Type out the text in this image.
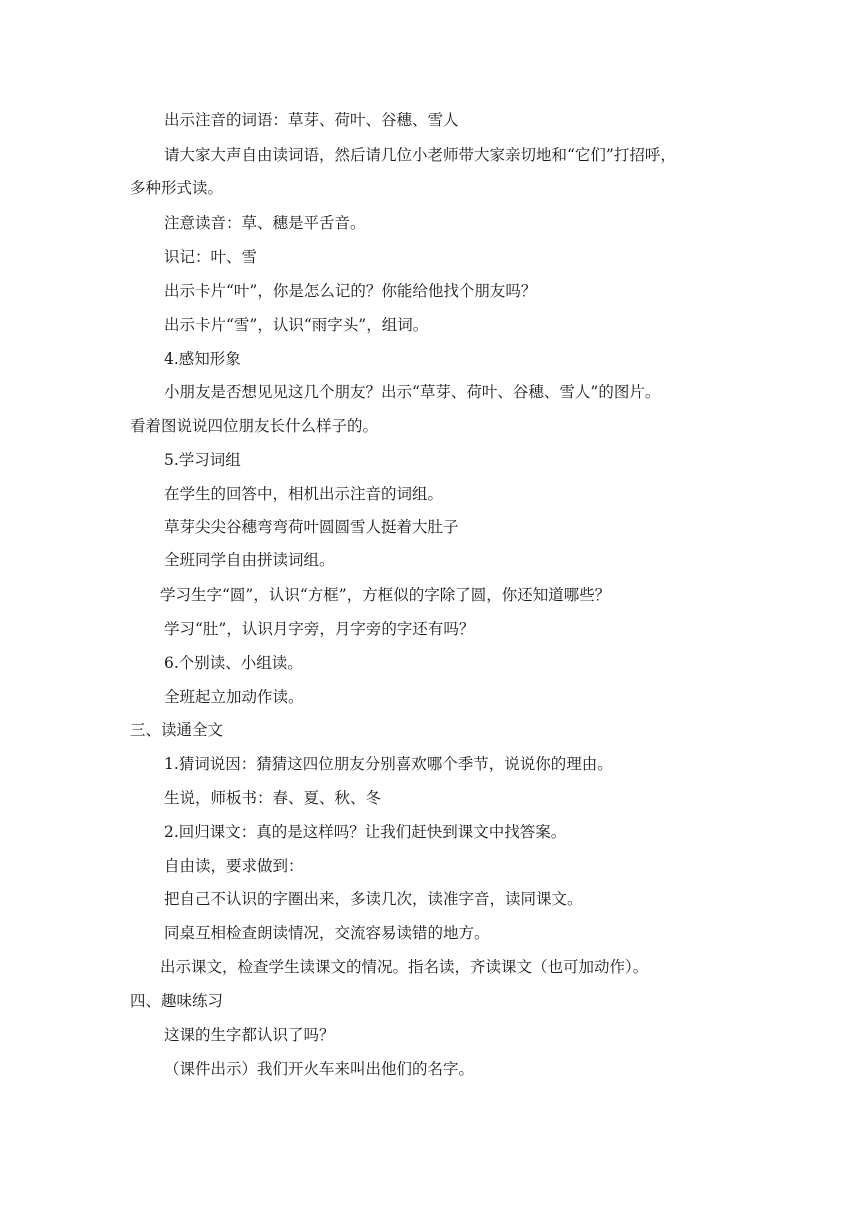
出示注音的词语：草芽、荷叶、谷穗、雪人
请大家大声自由读词语，然后请几位小老师带大家亲切地和“它们”打招呼，
多种形式读。
注意读音：草、穗是平舌音。
识记：叶、雪
出示卡片“叶”，你是怎么记的？你能给他找个朋友吗？
出示卡片“雪”，认识“雨字头”，组词。
4.感知形象
小朋友是否想见见这几个朋友？出示“草芽、荷叶、谷穗、雪人”的图片。
看着图说说四位朋友长什么样子的。
5.学习词组
在学生的回答中，相机出示注音的词组。
草芽尖尖谷穗弯弯荷叶圆圆雪人挺着大肚子
全班同学自由拼读词组。
学习生字“圆”，认识“方框”，方框似的字除了圆，你还知道哪些？
学习“肚”，认识月字旁，月字旁的字还有吗？
6.个别读、小组读。
全班起立加动作读。
三、读通全文
1.猜词说因：猜猜这四位朋友分别喜欢哪个季节，说说你的理由。
生说，师板书：春、夏、秋、冬
2.回归课文：真的是这样吗？让我们赶快到课文中找答案。
自由读，要求做到：
把自己不认识的字圈出来，多读几次，读准字音，读同课文。
同桌互相检查朗读情况，交流容易读错的地方。
出示课文，检查学生读课文的情况。指名读，齐读课文（也可加动作）。
四、趣味练习
这课的生字都认识了吗？
（课件出示）我们开火车来叫出他们的名字。
